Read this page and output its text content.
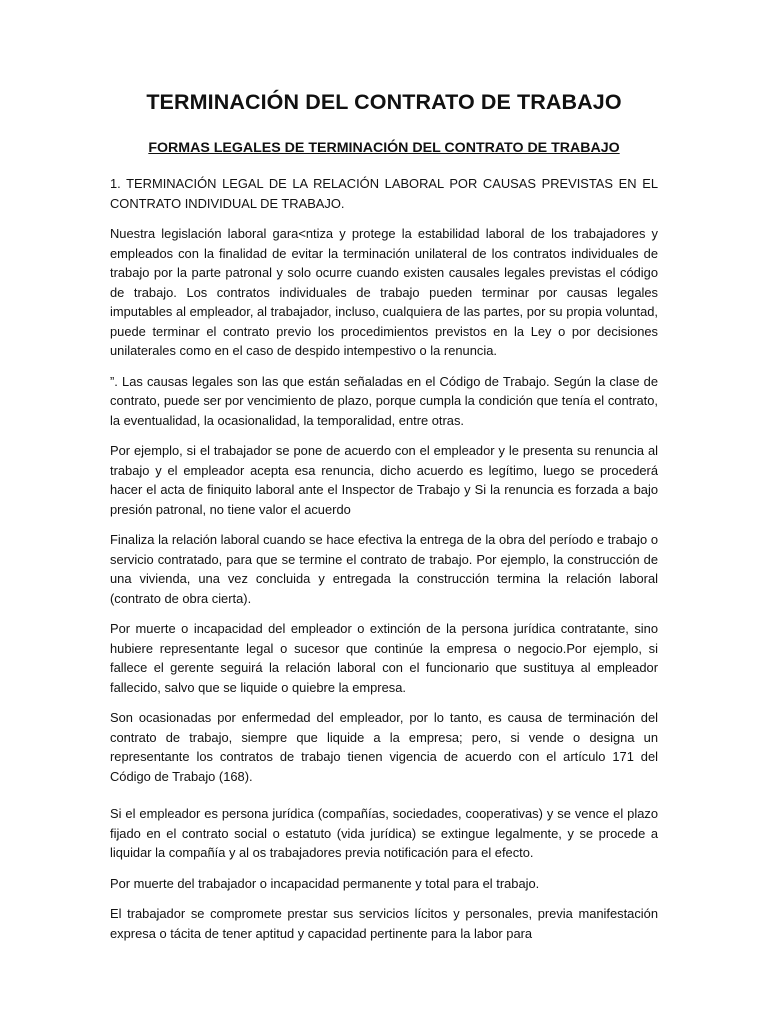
TERMINACIÓN DEL CONTRATO DE TRABAJO
FORMAS LEGALES DE TERMINACIÓN DEL CONTRATO DE TRABAJO

1. TERMINACIÓN LEGAL DE LA RELACIÓN LABORAL POR CAUSAS PREVISTAS EN EL CONTRATO INDIVIDUAL DE TRABAJO.

Nuestra legislación laboral gara<ntiza y protege la estabilidad laboral de los trabajadores y empleados con la finalidad de evitar la terminación unilateral de los contratos individuales de trabajo por la parte patronal y solo ocurre cuando existen causales legales previstas el código de trabajo. Los contratos individuales de trabajo pueden terminar por causas legales imputables al empleador, al trabajador, incluso, cualquiera de las partes, por su propia voluntad, puede terminar el contrato previo los procedimientos previstos en la Ley o por decisiones unilaterales como en el caso de despido intempestivo o la renuncia.

”. Las causas legales son las que están señaladas en el Código de Trabajo. Según la clase de contrato, puede ser por vencimiento de plazo, porque cumpla la condición que tenía el contrato, la eventualidad, la ocasionalidad, la temporalidad, entre otras.

Por ejemplo, si el trabajador se pone de acuerdo con el empleador y le presenta su renuncia al trabajo y el empleador acepta esa renuncia, dicho acuerdo es legítimo, luego se procederá hacer el acta de finiquito laboral ante el Inspector de Trabajo y Si la renuncia es forzada a bajo presión patronal, no tiene valor el acuerdo

Finaliza la relación laboral cuando se hace efectiva la entrega de la obra del período e trabajo o servicio contratado, para que se termine el contrato de trabajo. Por ejemplo, la construcción de una vivienda, una vez concluida y entregada la construcción termina la relación laboral (contrato de obra cierta).

Por muerte o incapacidad del empleador o extinción de la persona jurídica contratante, sino hubiere representante legal o sucesor que continúe la empresa o negocio.Por ejemplo, si fallece el gerente seguirá la relación laboral con el funcionario que sustituya al empleador fallecido, salvo que se liquide o quiebre la empresa.

Son ocasionadas por enfermedad del empleador, por lo tanto, es causa de terminación del contrato de trabajo, siempre que liquide a la empresa; pero, si vende o designa un representante los contratos de trabajo tienen vigencia de acuerdo con el artículo 171 del Código de Trabajo (168).

Si el empleador es persona jurídica (compañías, sociedades, cooperativas) y se vence el plazo fijado en el contrato social o estatuto (vida jurídica) se extingue legalmente, y se procede a liquidar la compañía y al os trabajadores previa notificación para el efecto.

Por muerte del trabajador o incapacidad permanente y total para el trabajo.

El trabajador se compromete prestar sus servicios lícitos y personales, previa manifestación expresa o tácita de tener aptitud y capacidad pertinente para la labor para
